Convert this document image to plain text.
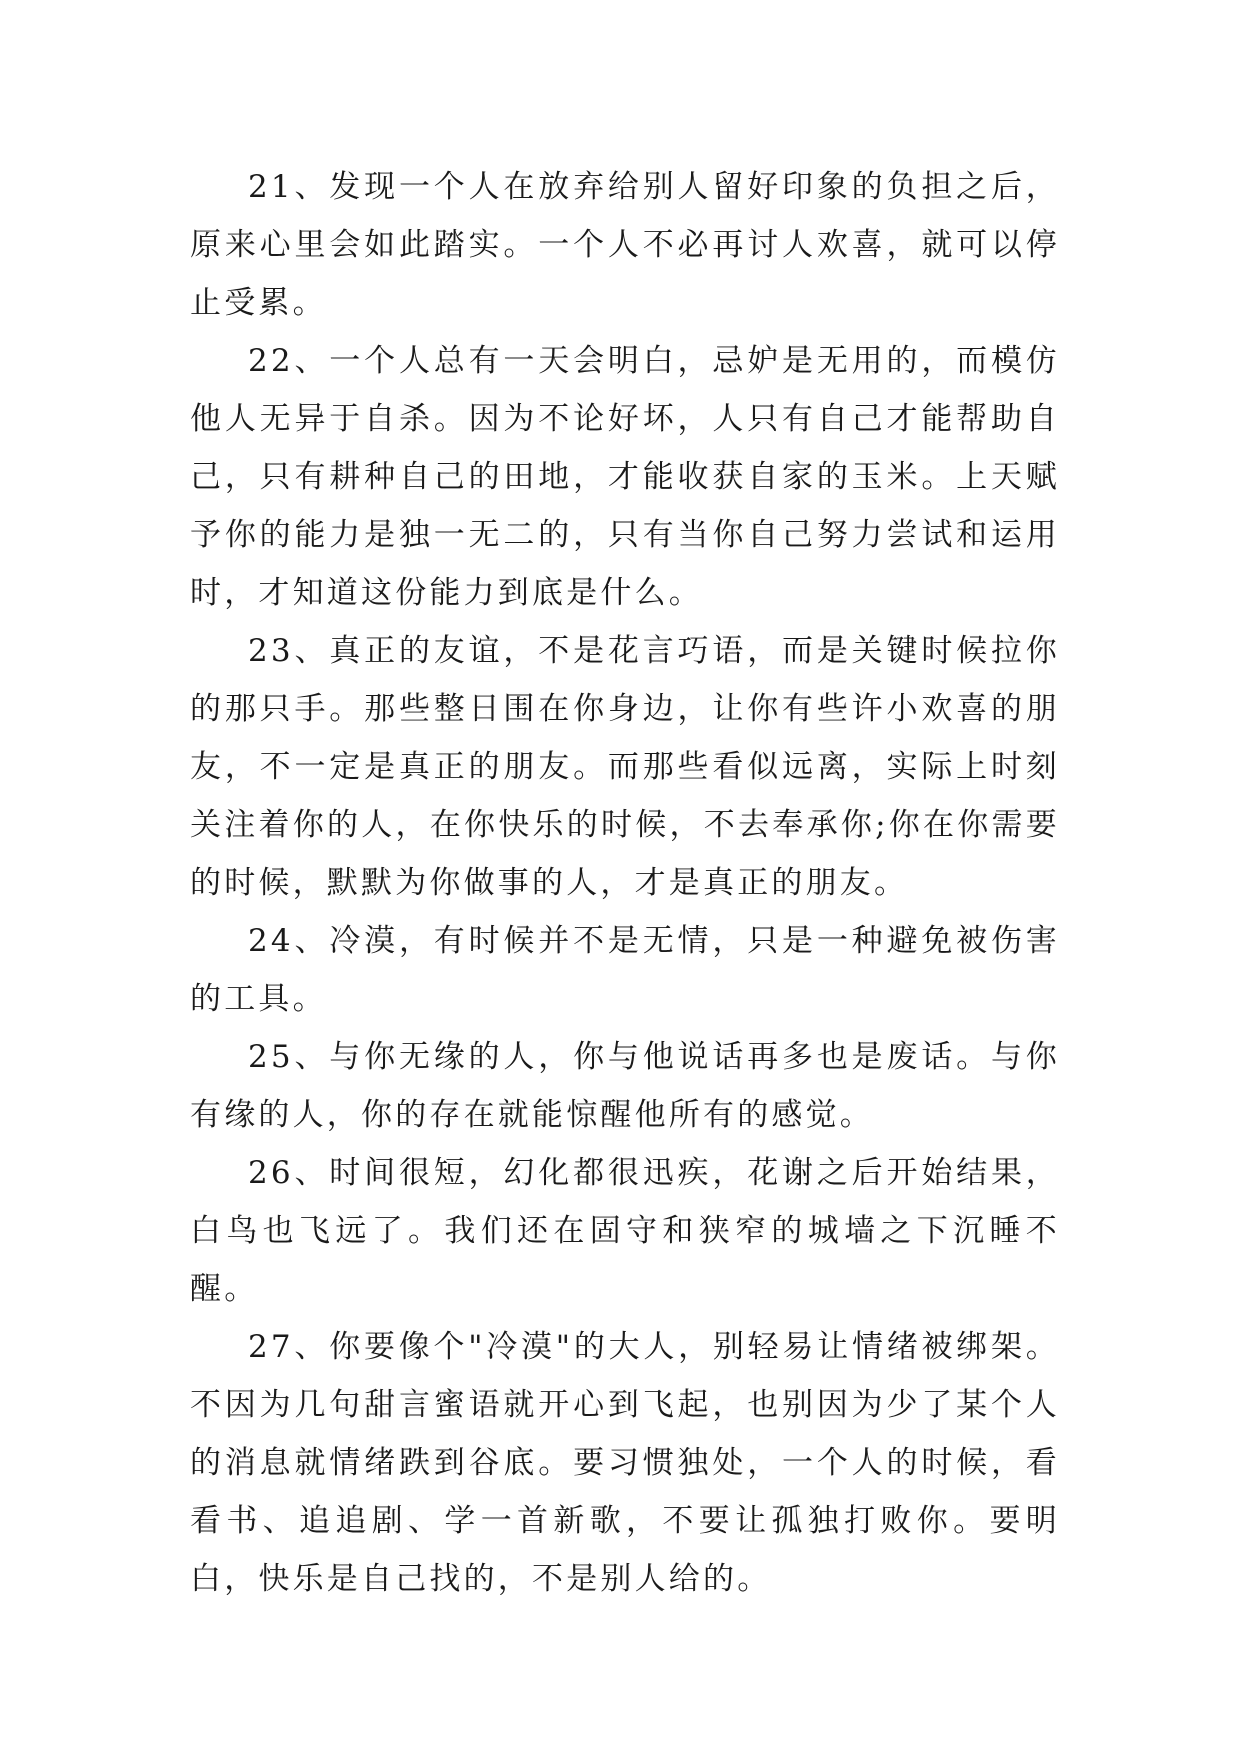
21、发现一个人在放弃给别人留好印象的负担之后，原来心里会如此踏实。一个人不必再讨人欢喜，就可以停止受累。

22、一个人总有一天会明白，忌妒是无用的，而模仿他人无异于自杀。因为不论好坏，人只有自己才能帮助自己，只有耕种自己的田地，才能收获自家的玉米。上天赋予你的能力是独一无二的，只有当你自己努力尝试和运用时，才知道这份能力到底是什么。

23、真正的友谊，不是花言巧语，而是关键时候拉你的那只手。那些整日围在你身边，让你有些许小欢喜的朋友，不一定是真正的朋友。而那些看似远离，实际上时刻关注着你的人，在你快乐的时候，不去奉承你;你在你需要的时候，默默为你做事的人，才是真正的朋友。

24、冷漠，有时候并不是无情，只是一种避免被伤害的工具。

25、与你无缘的人，你与他说话再多也是废话。与你有缘的人，你的存在就能惊醒他所有的感觉。

26、时间很短，幻化都很迅疾，花谢之后开始结果，白鸟也飞远了。我们还在固守和狭窄的城墙之下沉睡不醒。

27、你要像个"冷漠"的大人，别轻易让情绪被绑架。不因为几句甜言蜜语就开心到飞起，也别因为少了某个人的消息就情绪跌到谷底。要习惯独处，一个人的时候，看看书、追追剧、学一首新歌，不要让孤独打败你。要明白，快乐是自己找的，不是别人给的。
